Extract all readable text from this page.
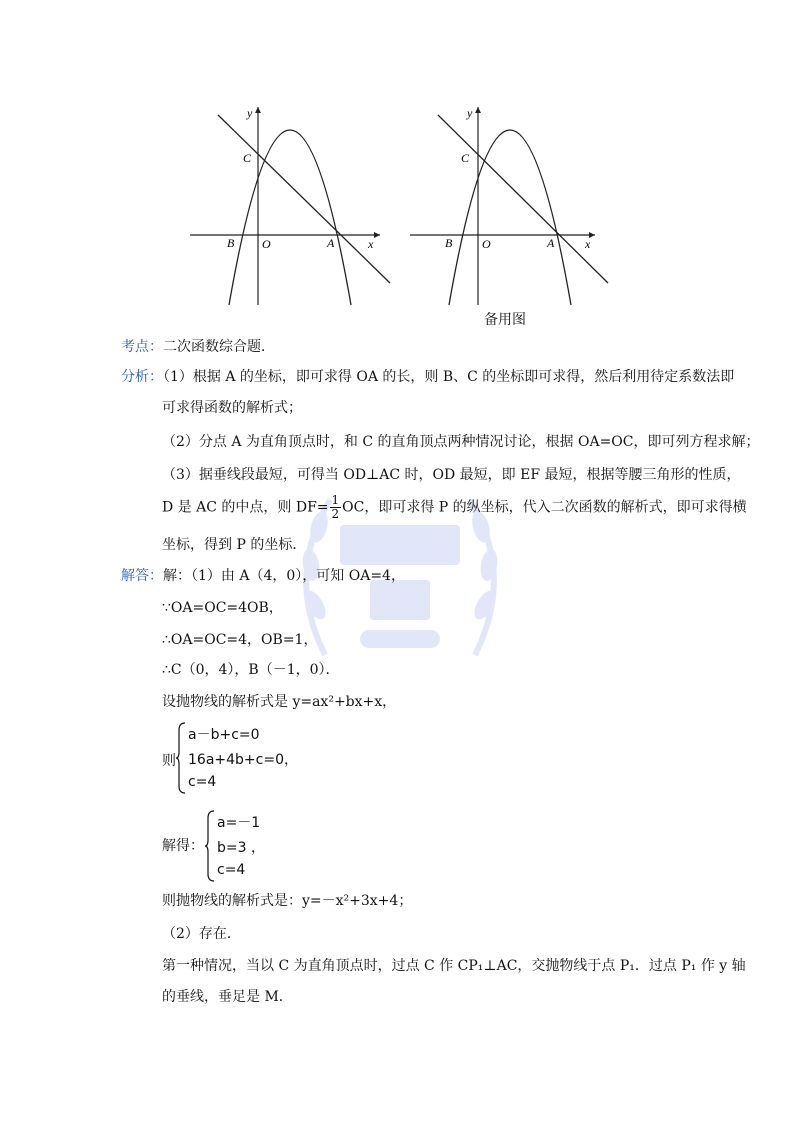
y
x
C
B O	A
y
x
C
B O	A
备用图
考点：二次函数综合题．
分析：（1）根据 A 的坐标，即可求得 OA 的长，则 B、C 的坐标即可求得，然后利用待定系数法即
可求得函数的解析式；
（2）分点 A 为直角顶点时，和 C 的直角顶点两种情况讨论，根据 OA=OC，即可列方程求解；
（3）据垂线段最短，可得当 OD⊥AC 时，OD 最短，即 EF 最短，根据等腰三角形的性质，
D 是 AC 的中点，则 $DF= \frac{1}{2}$ OC，即可求得 P 的纵坐标，代入二次函数的解析式，即可求得横
坐标，得到 P 的坐标．
解答：解：（1）由 A（4，0），可知 OA=4，
∵OA=OC=4OB，
∴OA=OC=4，OB=1，
∴C（0，4），B（－1，0）．
设抛物线的解析式是 y=ax²+bx+x，
则
a－b+c=0
16a+4b+c=0，
c=4
解得：
a=－1
b=3 ，
c=4
则抛物线的解析式是：y=－x²+3x+4；
（2）存在．
第一种情况，当以 C 为直角顶点时，过点 C 作 CP₁⊥AC，交抛物线于点 P₁．过点 P₁ 作 y 轴
的垂线，垂足是 M．
